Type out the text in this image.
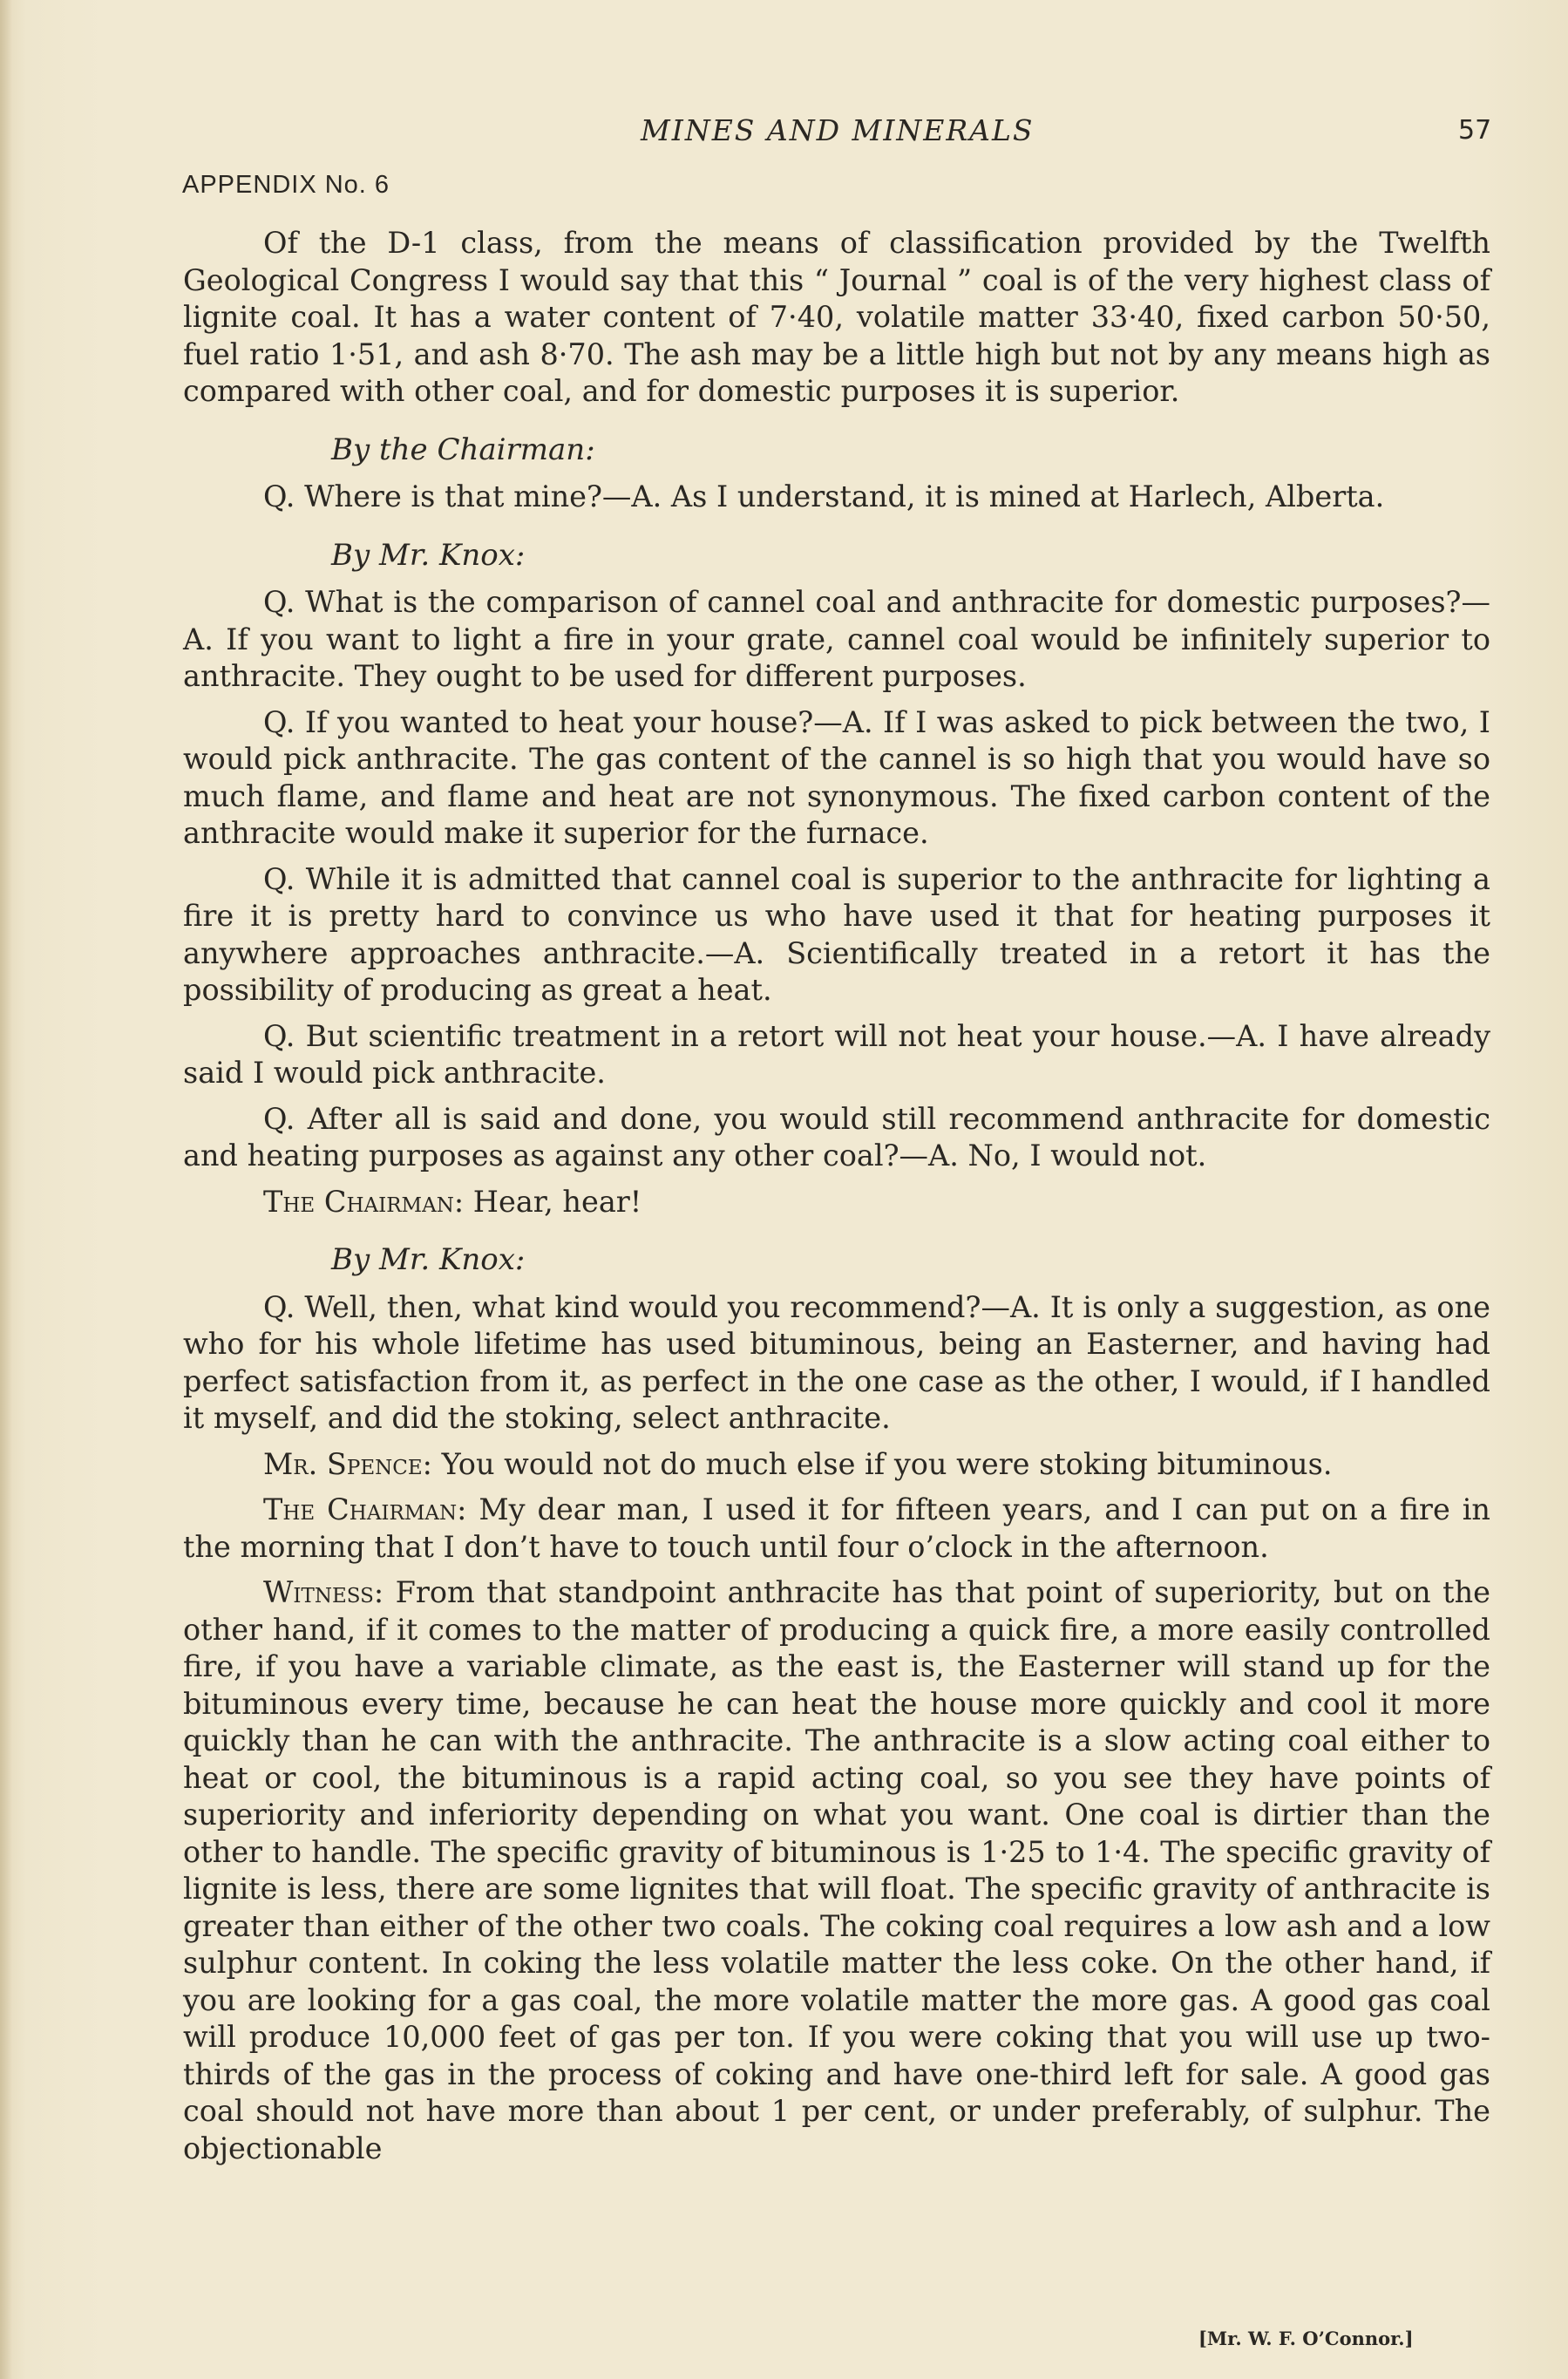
MINES AND MINERALS	57
APPENDIX No. 6

Of the D-1 class, from the means of classification provided by the Twelfth Geological Congress I would say that this “ Journal ” coal is of the very highest class of lignite coal. It has a water content of 7·40, volatile matter 33·40, fixed carbon 50·50, fuel ratio 1·51, and ash 8·70. The ash may be a little high but not by any means high as compared with other coal, and for domestic purposes it is superior.

By the Chairman:

Q. Where is that mine?—A. As I understand, it is mined at Harlech, Alberta.

By Mr. Knox:

Q. What is the comparison of cannel coal and anthracite for domestic purposes?—A. If you want to light a fire in your grate, cannel coal would be infinitely superior to anthracite. They ought to be used for different purposes.

Q. If you wanted to heat your house?—A. If I was asked to pick between the two, I would pick anthracite. The gas content of the cannel is so high that you would have so much flame, and flame and heat are not synonymous. The fixed carbon content of the anthracite would make it superior for the furnace.

Q. While it is admitted that cannel coal is superior to the anthracite for lighting a fire it is pretty hard to convince us who have used it that for heating purposes it anywhere approaches anthracite.—A. Scientifically treated in a retort it has the possibility of producing as great a heat.

Q. But scientific treatment in a retort will not heat your house.—A. I have already said I would pick anthracite.

Q. After all is said and done, you would still recommend anthracite for domestic and heating purposes as against any other coal?—A. No, I would not.

The Chairman: Hear, hear!

By Mr. Knox:

Q. Well, then, what kind would you recommend?—A. It is only a suggestion, as one who for his whole lifetime has used bituminous, being an Easterner, and having had perfect satisfaction from it, as perfect in the one case as the other, I would, if I handled it myself, and did the stoking, select anthracite.

Mr. Spence: You would not do much else if you were stoking bituminous.

The Chairman: My dear man, I used it for fifteen years, and I can put on a fire in the morning that I don’t have to touch until four o’clock in the afternoon.

Witness: From that standpoint anthracite has that point of superiority, but on the other hand, if it comes to the matter of producing a quick fire, a more easily controlled fire, if you have a variable climate, as the east is, the Easterner will stand up for the bituminous every time, because he can heat the house more quickly and cool it more quickly than he can with the anthracite. The anthracite is a slow acting coal either to heat or cool, the bituminous is a rapid acting coal, so you see they have points of superiority and inferiority depending on what you want. One coal is dirtier than the other to handle. The specific gravity of bituminous is 1·25 to 1·4. The specific gravity of lignite is less, there are some lignites that will float. The specific gravity of anthracite is greater than either of the other two coals. The coking coal requires a low ash and a low sulphur content. In coking the less volatile matter the less coke. On the other hand, if you are looking for a gas coal, the more volatile matter the more gas. A good gas coal will produce 10,000 feet of gas per ton. If you were coking that you will use up two-thirds of the gas in the process of coking and have one-third left for sale. A good gas coal should not have more than about 1 per cent, or under preferably, of sulphur. The objectionable

[Mr. W. F. O’Connor.]
